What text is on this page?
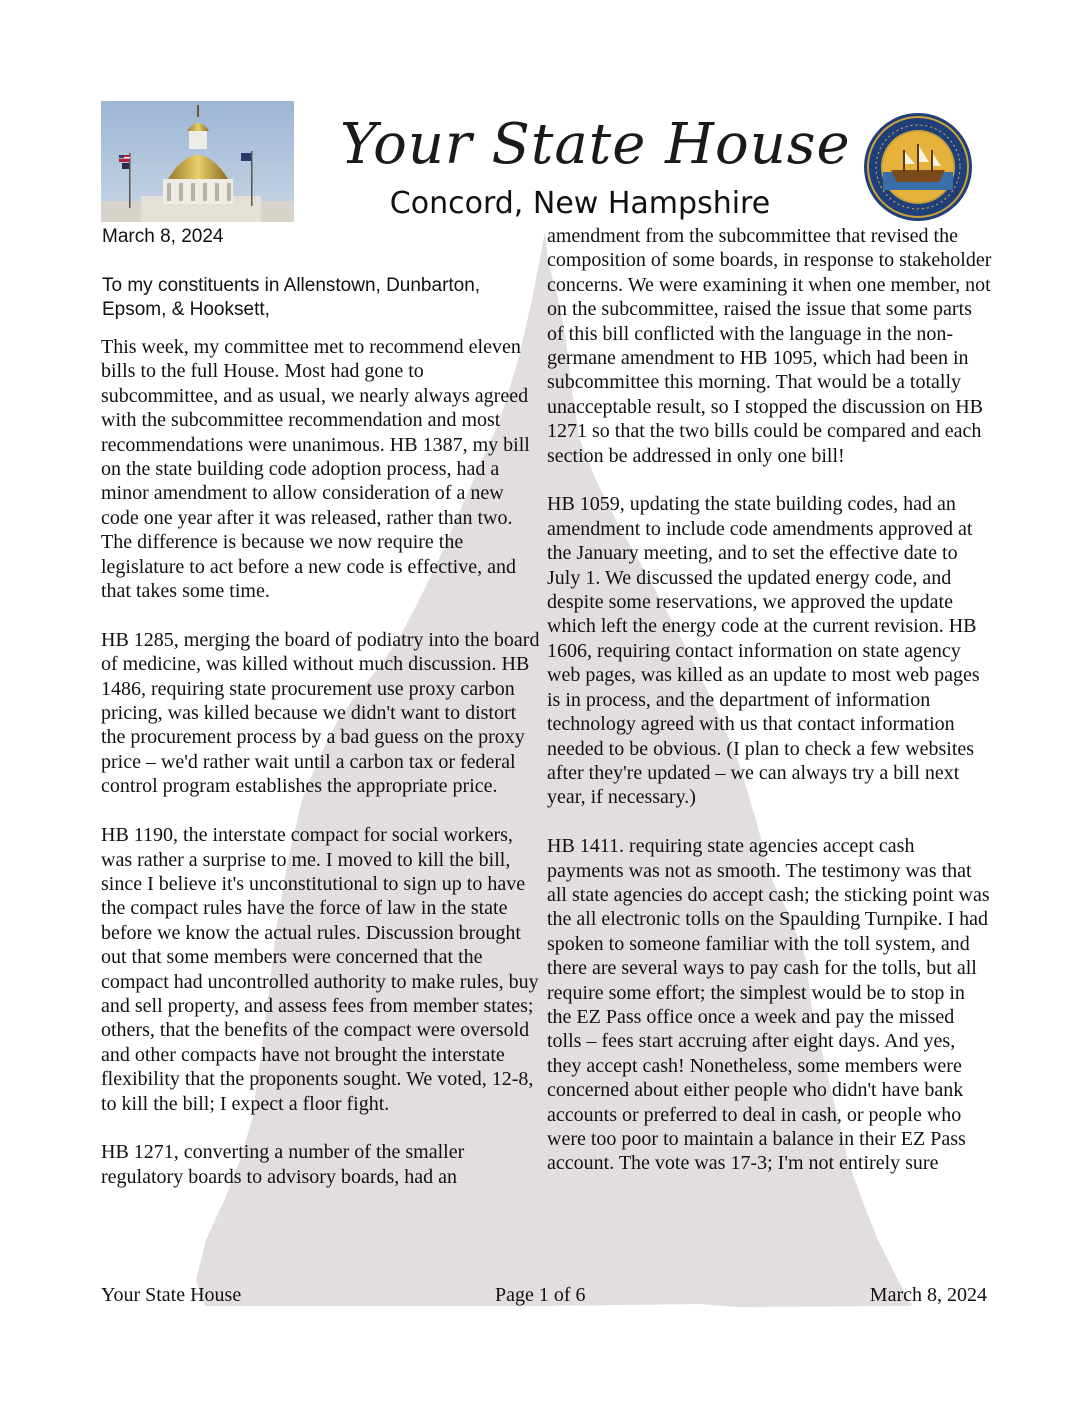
Your State House
Concord, New Hampshire
March 8, 2024
To my constituents in Allenstown, Dunbarton, Epsom, & Hooksett,

This week, my committee met to recommend eleven bills to the full House. Most had gone to subcommittee, and as usual, we nearly always agreed with the subcommittee recommendation and most recommendations were unanimous. HB 1387, my bill on the state building code adoption process, had a minor amendment to allow consideration of a new code one year after it was released, rather than two. The difference is because we now require the legislature to act before a new code is effective, and that takes some time.

HB 1285, merging the board of podiatry into the board of medicine, was killed without much discussion. HB 1486, requiring state procurement use proxy carbon pricing, was killed because we didn't want to distort the procurement process by a bad guess on the proxy price – we'd rather wait until a carbon tax or federal control program establishes the appropriate price.

HB 1190, the interstate compact for social workers, was rather a surprise to me. I moved to kill the bill, since I believe it's unconstitutional to sign up to have the compact rules have the force of law in the state before we know the actual rules. Discussion brought out that some members were concerned that the compact had uncontrolled authority to make rules, buy and sell property, and assess fees from member states; others, that the benefits of the compact were oversold and other compacts have not brought the interstate flexibility that the proponents sought. We voted, 12-8, to kill the bill; I expect a floor fight.

HB 1271, converting a number of the smaller regulatory boards to advisory boards, had an

amendment from the subcommittee that revised the composition of some boards, in response to stakeholder concerns. We were examining it when one member, not on the subcommittee, raised the issue that some parts of this bill conflicted with the language in the non-germane amendment to HB 1095, which had been in subcommittee this morning. That would be a totally unacceptable result, so I stopped the discussion on HB 1271 so that the two bills could be compared and each section be addressed in only one bill!

HB 1059, updating the state building codes, had an amendment to include code amendments approved at the January meeting, and to set the effective date to July 1. We discussed the updated energy code, and despite some reservations, we approved the update which left the energy code at the current revision. HB 1606, requiring contact information on state agency web pages, was killed as an update to most web pages is in process, and the department of information technology agreed with us that contact information needed to be obvious. (I plan to check a few websites after they're updated – we can always try a bill next year, if necessary.)

HB 1411. requiring state agencies accept cash payments was not as smooth. The testimony was that all state agencies do accept cash; the sticking point was the all electronic tolls on the Spaulding Turnpike. I had spoken to someone familiar with the toll system, and there are several ways to pay cash for the tolls, but all require some effort; the simplest would be to stop in the EZ Pass office once a week and pay the missed tolls – fees start accruing after eight days. And yes, they accept cash! Nonetheless, some members were concerned about either people who didn't have bank accounts or preferred to deal in cash, or people who were too poor to maintain a balance in their EZ Pass account. The vote was 17-3; I'm not entirely sure

Your State House	Page 1 of 6	March 8, 2024
